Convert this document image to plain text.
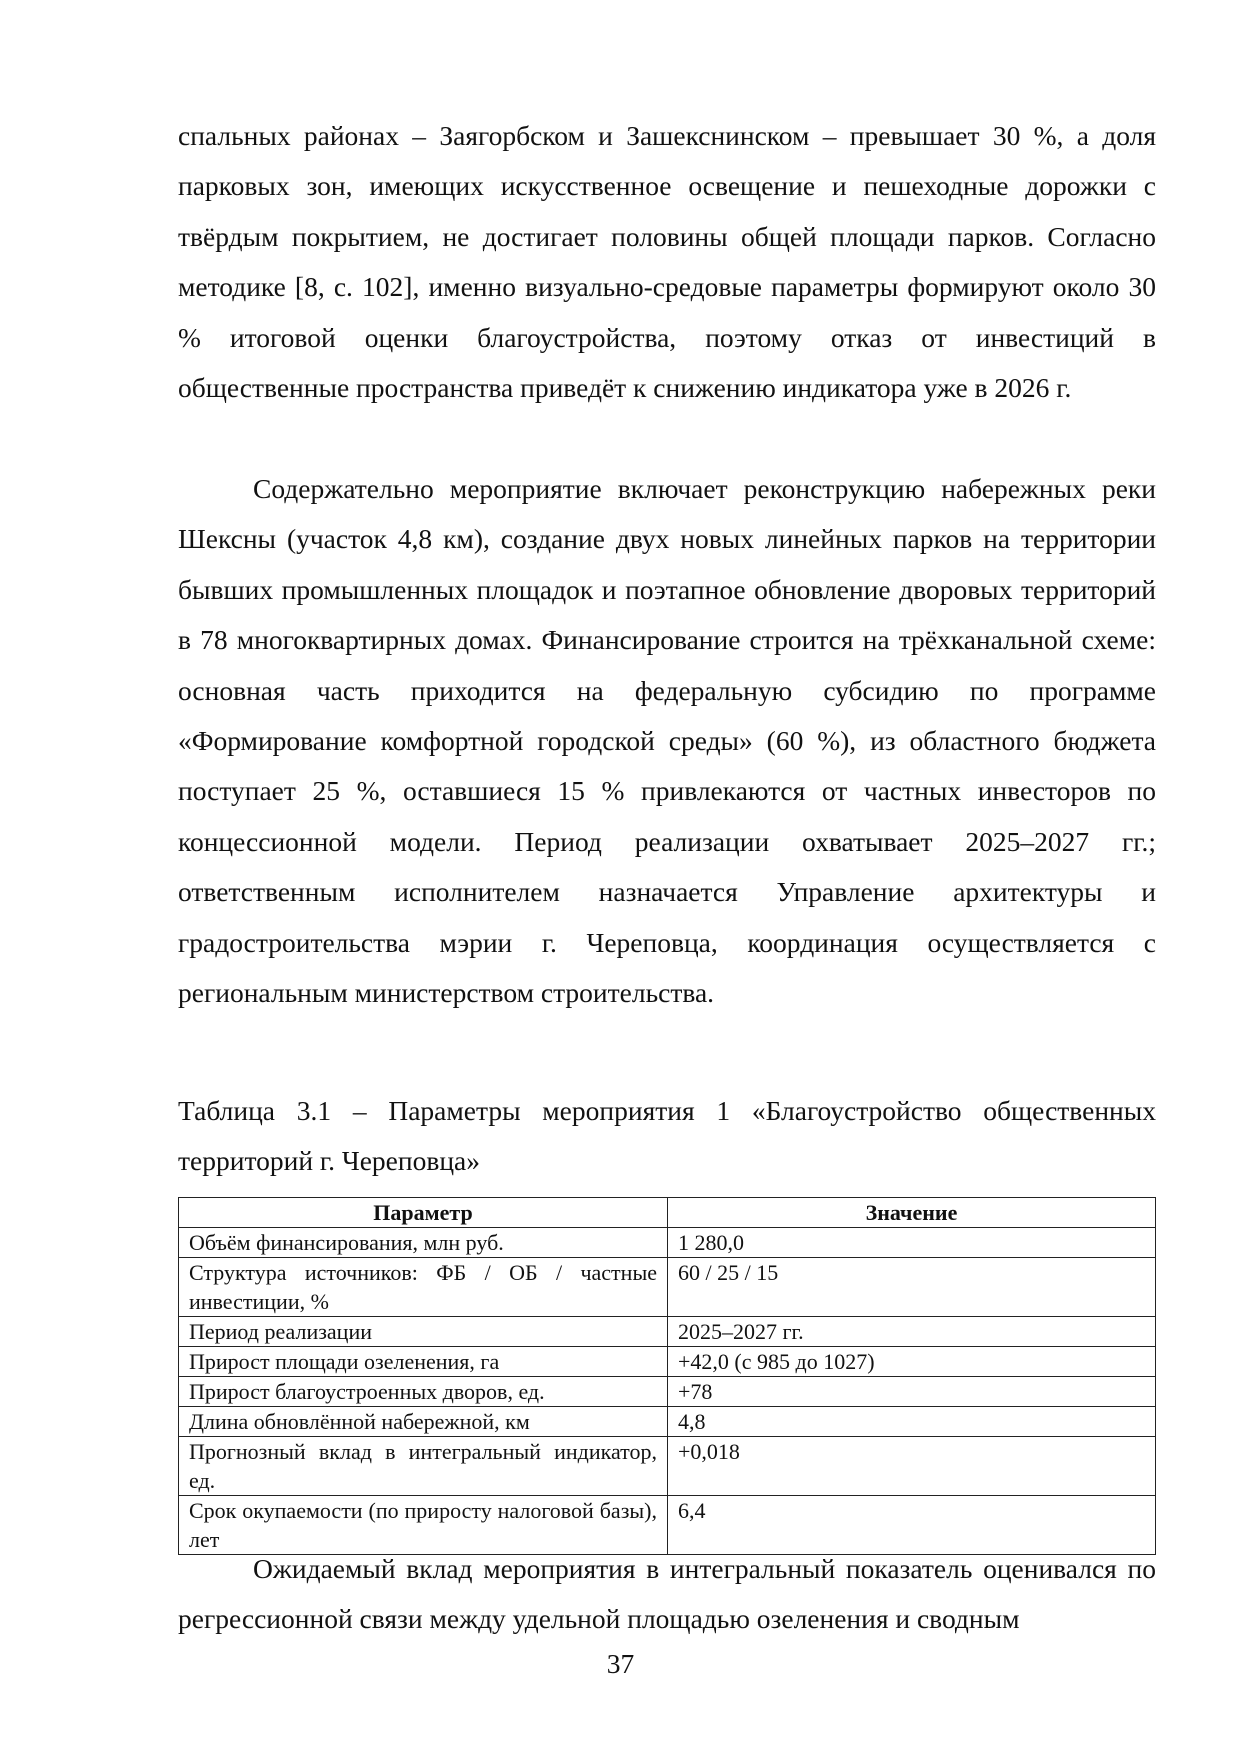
спальных районах – Заягорбском и Зашекснинском – превышает 30 %, а доля парковых зон, имеющих искусственное освещение и пешеходные дорожки с твёрдым покрытием, не достигает половины общей площади парков. Согласно методике [8, с. 102], именно визуально-средовые параметры формируют около 30 % итоговой оценки благоустройства, поэтому отказ от инвестиций в общественные пространства приведёт к снижению индикатора уже в 2026 г.

Содержательно мероприятие включает реконструкцию набережных реки Шексны (участок 4,8 км), создание двух новых линейных парков на территории бывших промышленных площадок и поэтапное обновление дворовых территорий в 78 многоквартирных домах. Финансирование строится на трёхканальной схеме: основная часть приходится на федеральную субсидию по программе «Формирование комфортной городской среды» (60 %), из областного бюджета поступает 25 %, оставшиеся 15 % привлекаются от частных инвесторов по концессионной модели. Период реализации охватывает 2025–2027 гг.; ответственным исполнителем назначается Управление архитектуры и градостроительства мэрии г. Череповца, координация осуществляется с региональным министерством строительства.

Таблица 3.1 – Параметры мероприятия 1 «Благоустройство общественных территорий г. Череповца»

Параметр	Значение
Объём финансирования, млн руб.	1 280,0
Структура источников: ФБ / ОБ / частные инвестиции, %	60 / 25 / 15
Период реализации	2025–2027 гг.
Прирост площади озеленения, га	+42,0 (с 985 до 1027)
Прирост благоустроенных дворов, ед.	+78
Длина обновлённой набережной, км	4,8
Прогнозный вклад в интегральный индикатор, ед.	+0,018
Срок окупаемости (по приросту налоговой базы), лет	6,4

Ожидаемый вклад мероприятия в интегральный показатель оценивался по регрессионной связи между удельной площадью озеленения и сводным

37
